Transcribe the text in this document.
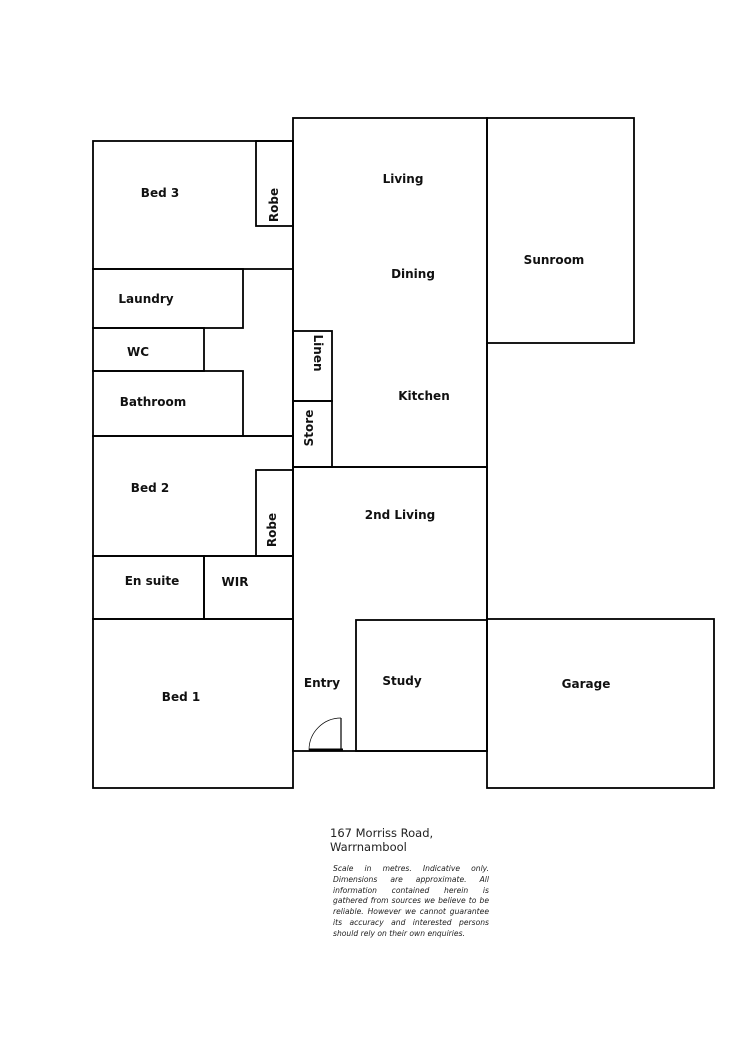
Bed 3	Robe
Living
Sunroom
Dining
Laundry
WC	Linen
Bathroom	Kitchen
Store
Bed 2
2nd Living
Robe
En suite	WIR
Bed 1
Entry	Study	Garage
167 Morriss Road,
Warrnambool
Scale in metres. Indicative only. Dimensions are approximate. All information contained herein is gathered from sources we believe to be reliable. However we cannot guarantee its accuracy and interested persons should rely on their own enquiries.
